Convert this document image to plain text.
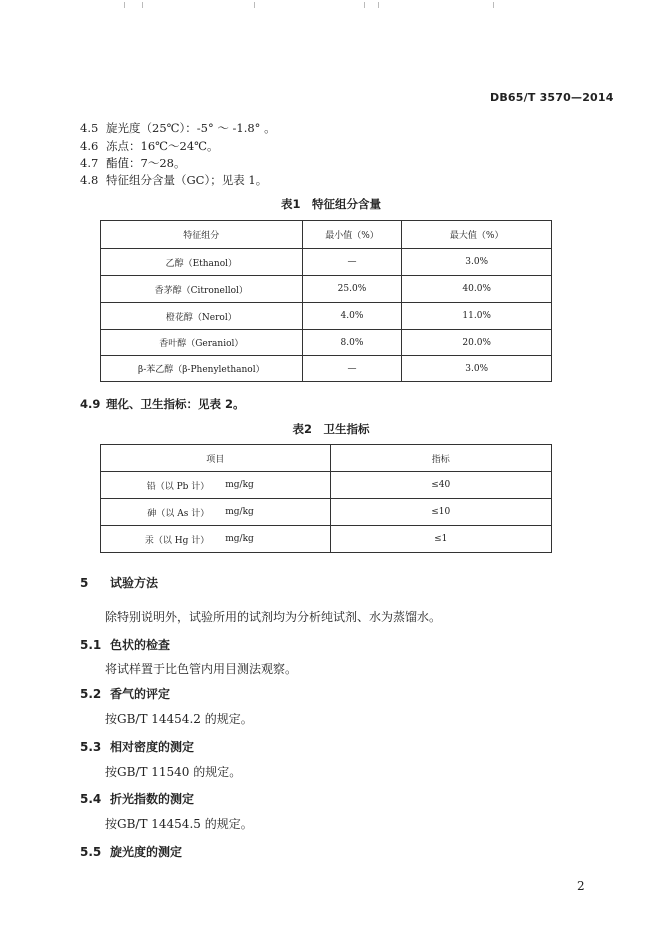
DB65/T 3570—2014
4.5 旋光度（25℃）：-5° ～ -1.8° 。
4.6 冻点：16℃～24℃。
4.7 酯值：7～28。
4.8 特征组分含量（GC）；见表 1。
表1　特征组分含量
特征组分	最小值（%）	最大值（%）
乙醇（Ethanol）	—	3.0%
香茅醇（Citronellol）	25.0%	40.0%
橙花醇（Nerol）	4.0%	11.0%
香叶醇（Geraniol）	8.0%	20.0%
β-苯乙醇（β-Phenylethanol）	—	3.0%
4.9 理化、卫生指标：见表 2。
表2　卫生指标
项目		指标
铅（以 Pb 计）	mg/kg	≤40
砷（以 As 计）	mg/kg	≤10
汞（以 Hg 计）	mg/kg	≤1
5 试验方法
除特别说明外，试验所用的试剂均为分析纯试剂、水为蒸馏水。
5.1 色状的检查
将试样置于比色管内用目测法观察。
5.2 香气的评定
按GB/T 14454.2 的规定。
5.3 相对密度的测定
按GB/T 11540 的规定。
5.4 折光指数的测定
按GB/T 14454.5 的规定。
5.5 旋光度的测定
2
